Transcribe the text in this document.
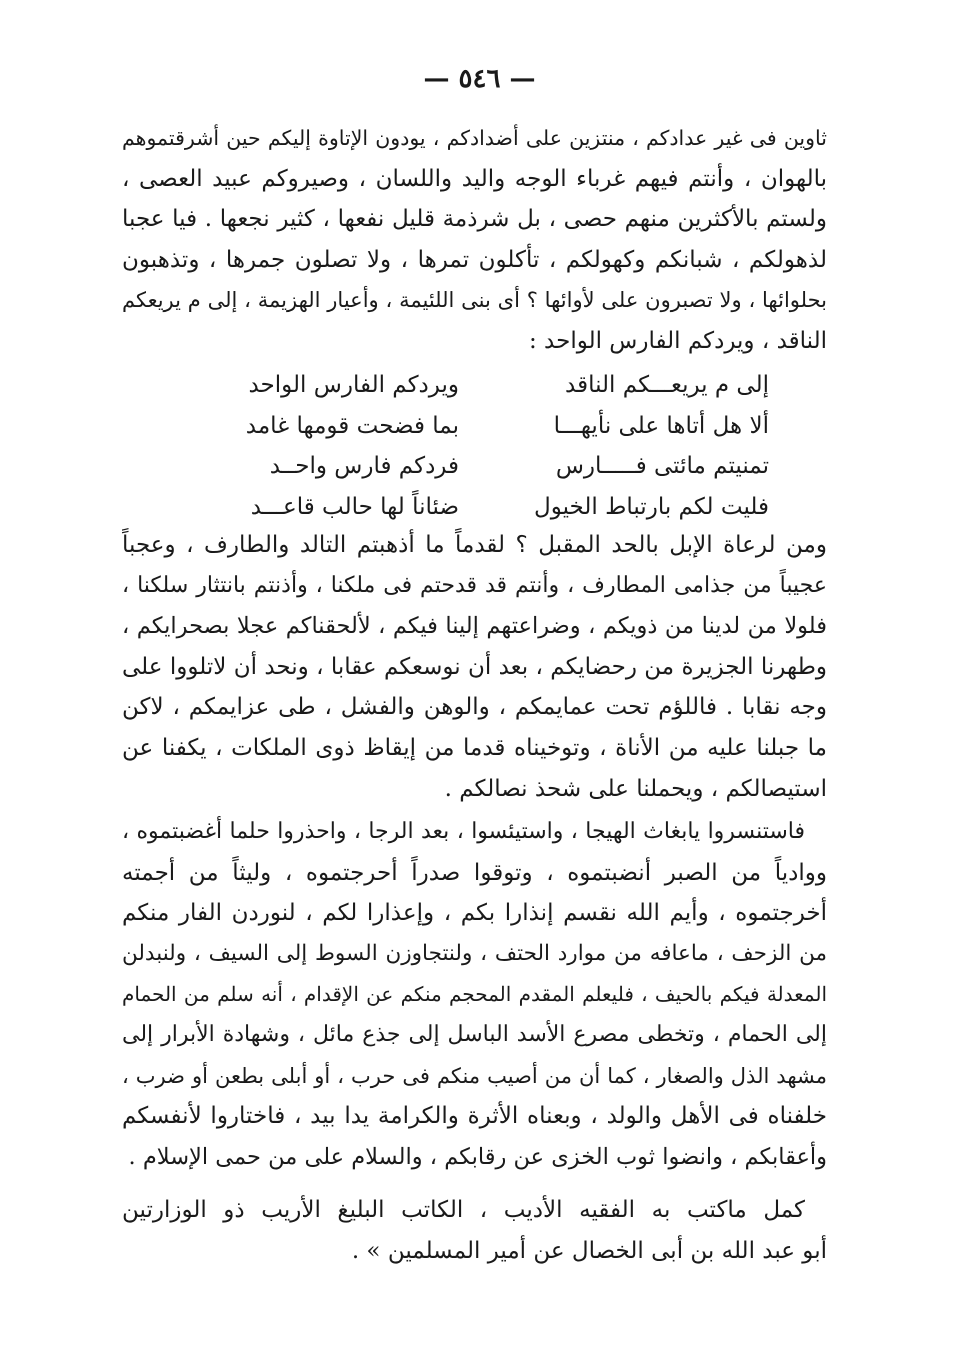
— ٥٤٦ —
ثاوين فى غير عدادكم ، منتزين على أضدادكم ، يودون الإتاوة إليكم حين أشرقتموهم
بالهوان ، وأنتم فيهم غرباء الوجه واليد واللسان ، وصيروكم عبيد العصى ،
ولستم بالأكثرين منهم حصى ، بل شرذمة قليل نفعها ، كثير نجعها . فيا عجبا
لذهولكم ، شبانكم وكهولكم ، تأكلون تمرها ، ولا تصلون جمرها ، وتذهبون
بحلوائها ، ولا تصبرون على لأوائها ؟ أى بنى اللئيمة ، وأعيار الهزيمة ، إلى م يريعكم
الناقد ، ويردكم الفارس الواحد :
إلى م يريعـــكم الناقد
ويردكم الفارس الواحد
ألا هل أتاها على نأيهـــا
بما فضحت قومها غامد
تمنيتم مائتى فـــــارس
فردكم فارس واحــد
فليت لكم بارتباط الخيول
ضئاناً لها حالب قاعـــد
ومن لرعاة الإبل بالحد المقبل ؟ لقدماً ما أذهبتم التالد والطارف ، وعجباً
عجيباً من جذامى المطارف ، وأنتم قد قدحتم فى ملكنا ، وأذنتم بانتثار سلكنا ،
فلولا من لدينا من ذويكم ، وضراعتهم إلينا فيكم ، لألحقناكم عجلا بصحرايكم ،
وطهرنا الجزيرة من رحضايكم ، بعد أن نوسعكم عقابا ، ونحد أن لاتلووا على
وجه نقابا . فاللؤم تحت عمايمكم ، والوهن والفشل ، طى عزايمكم ، لاكن
ما جبلنا عليه من الأناة ، وتوخيناه قدما من إيقاظ ذوى الملكات ، يكفنا عن
استيصالكم ، ويحملنا على شحذ نصالكم .
فاستنسروا يابغاث الهيجا ، واستيئسوا ، بعد الرجا ، واحذروا حلما أغضبتموه ،
ووادياً من الصبر أنضبتموه ، وتوقوا صدراً أحرجتموه ، وليثاً من أجمته
أخرجتموه ، وأيم الله نقسم إنذارا بكم ، وإعذارا لكم ، لنوردن الفار منكم
من الزحف ، ماعافه من موارد الحتف ، ولنتجاوزن السوط إلى السيف ، ولنبدلن
المعدلة فيكم بالحيف ، فليعلم المقدم المحجم منكم عن الإقدام ، أنه سلم من الحمام
إلى الحمام ، وتخطى مصرع الأسد الباسل إلى جذع مائل ، وشهادة الأبرار إلى
مشهد الذل والصغار ، كما أن من أصيب منكم فى حرب ، أو أبلى بطعن أو ضرب ،
خلفناه فى الأهل والولد ، وبعناه الأثرة والكرامة يدا بيد ، فاختاروا لأنفسكم
وأعقابكم ، وانضوا ثوب الخزى عن رقابكم ، والسلام على من حمى الإسلام .
كمل ماكتب به الفقيه الأديب ، الكاتب البليغ الأريب ذو الوزارتين
أبو عبد الله بن أبى الخصال عن أمير المسلمين » .
